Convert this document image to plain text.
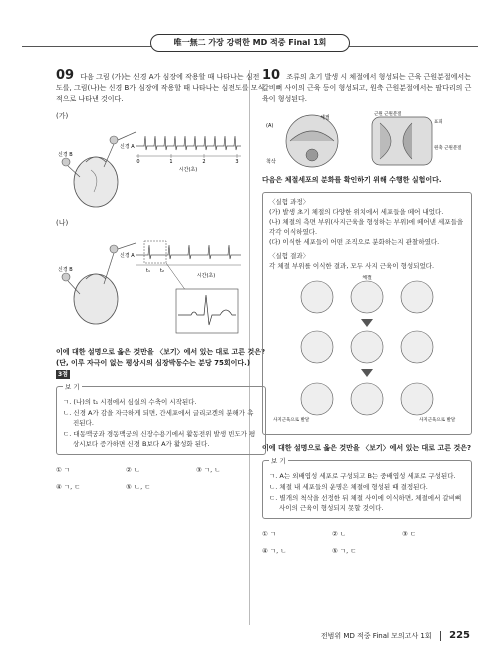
唯一無二 가장 강력한 MD 적중 Final 1회
09 다음 그림 (가)는 신경 A가 심장에 작용할 때 나타나는 심전도를, 그림(나)는 신경 B가 심장에 작용할 때 나타나는 심전도를 모식적으로 나타낸 것이다.
(가)
0	1	2	3
시간(초)
신경 A
신경 B
(나)
t₁ t₂
시간(초)
신경 A
신경 B
이에 대한 설명으로 옳은 것만을 〈보기〉에서 있는 대로 고른 것은? (단, 이루 자극이 없는 평상시의 심장박동수는 분당 75회이다.) 3점
보 기
ㄱ. (나)의 t₁ 시점에서 심실의 수축이 시작된다.
ㄴ. 신경 A가 감을 자극하게 되면, 간세포에서 글리코겐의 분해가 촉진된다.
ㄷ. 대동맥궁과 경동맥궁의 신장수용기에서 활동전위 발생 빈도가 평상시보다 증가하면 신경 B보다 A가 활성화 된다.
① ㄱ	② ㄴ	③ ㄱ, ㄴ
④ ㄱ, ㄷ	⑤ ㄴ, ㄷ
10 조류의 초기 발생 시 체절에서 형성되는 근육 근원분절에서는 갈비뼈 사이의 근육 등이 형성되고, 원축 근원분절에서는 팔다리의 근육이 형성된다.
(A)
체절
척삭
근원 근원분절
원축 근원분절
표피
다음은 체절세포의 분화를 확인하기 위해 수행한 실험이다.
〈실험 과정〉
(가) 발생 초기 체절의 다양한 위치에서 세포들을 떼어 내었다.
(나) 체절의 측면 부위(사지근육을 형성하는 부위)에 떼어낸 세포들을 각각 이식하였다.
(다) 이식한 세포들이 어떤 조직으로 분화하는지 관찰하였다.
〈실험 결과〉
각 체절 부위를 이식한 결과, 모두 사지 근육이 형성되었다.
체절
사지근육으로 발달	사지근육으로 발달
이에 대한 설명으로 옳은 것만을 〈보기〉에서 있는 대로 고른 것은?
보 기
ㄱ. A는 외배엽성 세포로 구성되고 B는 중배엽성 세포로 구성된다.
ㄴ. 체절 내 세포들의 운명은 체절에 형성된 때 결정된다.
ㄷ. 별개의 척삭을 선정한 뒤 체절 사이에 이식하면, 체절에서 갈비뼈 사이의 근육이 형성되지 못할 것이다.
① ㄱ	② ㄴ	③ ㄷ
④ ㄱ, ㄴ	⑤ ㄱ, ㄷ
전범위 MD 적중 Final 모의고사 1회 225
